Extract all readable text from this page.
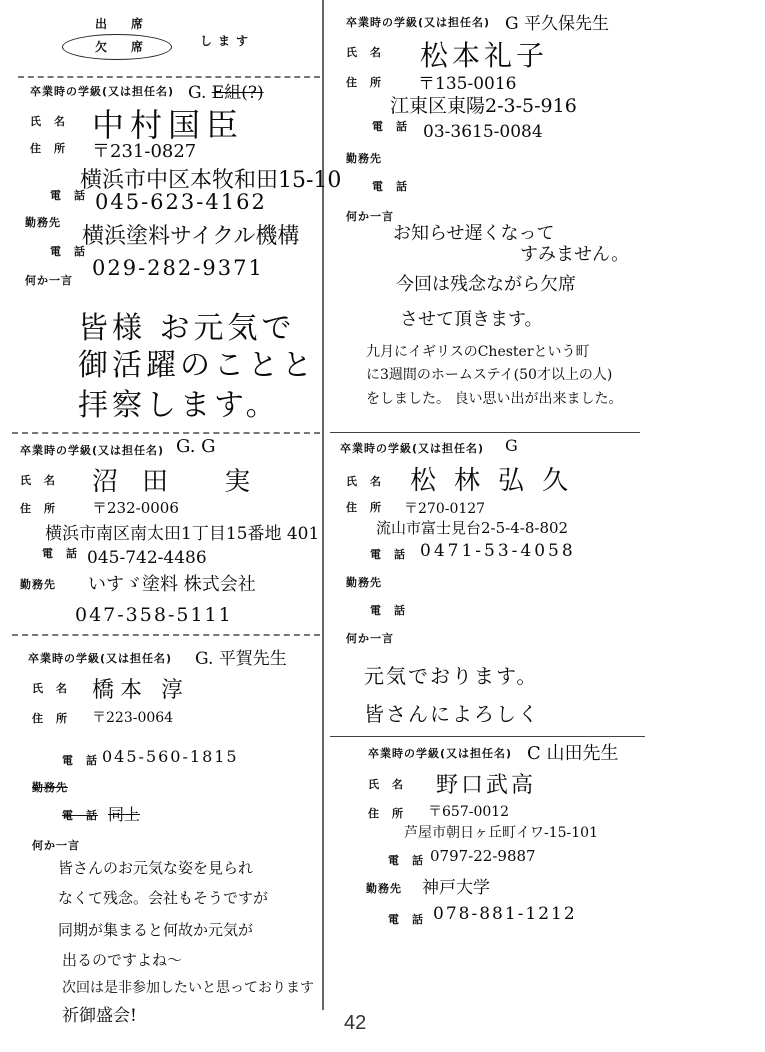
出　席
欠　席	します
卒業時の学級(又は担任名) G. E組(?)
氏　名 中村国臣
住　所 〒231-0827
横浜市中区本牧和田15-10
電　話 045-623-4162
勤務先
横浜塗料サイクル機構
電　話
029-282-9371
何か一言
皆様 お元気で
御活躍のことと
拝察します。
卒業時の学級(又は担任名) G 平久保先生
氏　名 松本礼子
住　所 〒135-0016
江東区東陽2-3-5-916
電　話 03-3615-0084
勤務先
電　話
何か一言
お知らせ遅くなって
すみません。
今回は残念ながら欠席
させて頂きます。
九月にイギリスのChesterという町
に3週間のホームステイ(50才以上の人)
をしました。 良い思い出が出来ました。
卒業時の学級(又は担任名) G. G
氏　名 沼田 実
住　所 〒232-0006
横浜市南区南太田1丁目15番地 401
電　話 045-742-4486
勤務先 いすゞ塗料 株式会社
047-358-5111
卒業時の学級(又は担任名) G
氏　名 松林弘久
住　所 〒270-0127
流山市富士見台2-5-4-8-802
電　話 0471-53-4058
勤務先
電　話
何か一言
元気でおります。
皆さんによろしく
卒業時の学級(又は担任名) G. 平賀先生
氏　名 橋本 淳
住　所 〒223-0064
電　話 045-560-1815
勤務先
電　話 同上
何か一言
皆さんのお元気な姿を見られ
なくて残念。会社もそうですが
同期が集まると何故か元気が
出るのですよね～
次回は是非参加したいと思っております
祈御盛会!
卒業時の学級(又は担任名) C 山田先生
氏　名 野口武高
住　所 〒657-0012
芦屋市朝日ヶ丘町イワ-15-101
電　話 0797-22-9887
勤務先 神戸大学
電　話 078-881-1212
42
